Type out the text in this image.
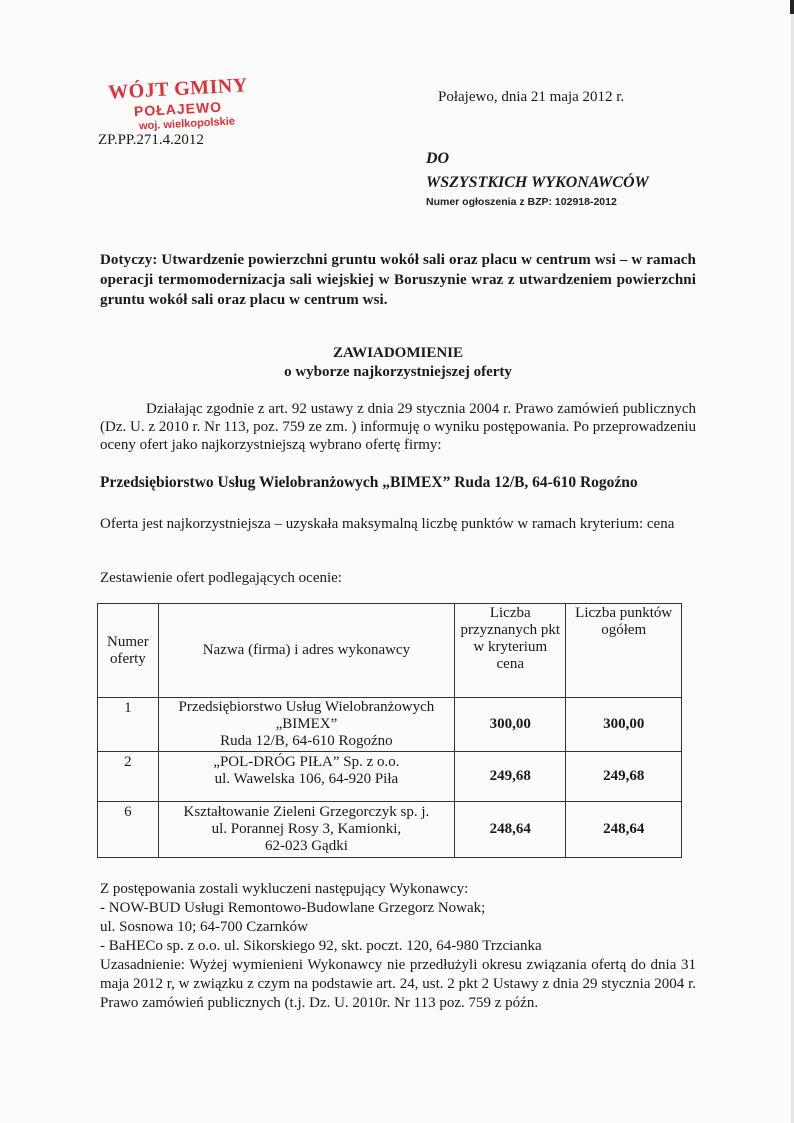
WÓJT GMINY
POŁAJEWO
woj. wielkopolskie
ZP.PP.271.4.2012
Połajewo, dnia 21 maja 2012 r.
DO
WSZYSTKICH WYKONAWCÓW
Numer ogłoszenia z BZP: 102918-2012
Dotyczy: Utwardzenie powierzchni gruntu wokół sali oraz placu w centrum wsi – w ramach operacji termomodernizacja sali wiejskiej w Boruszynie wraz z utwardzeniem powierzchni gruntu wokół sali oraz placu w centrum wsi.
ZAWIADOMIENIE
o wyborze najkorzystniejszej oferty
Działając zgodnie z art. 92 ustawy z dnia 29 stycznia 2004 r. Prawo zamówień publicznych (Dz. U. z 2010 r. Nr 113, poz. 759 ze zm. ) informuję o wyniku postępowania. Po przeprowadzeniu oceny ofert jako najkorzystniejszą wybrano ofertę firmy:
Przedsiębiorstwo Usług Wielobranżowych „BIMEX” Ruda 12/B, 64-610 Rogoźno
Oferta jest najkorzystniejsza – uzyskała maksymalną liczbę punktów w ramach kryterium: cena
Zestawienie ofert podlegających ocenie:
Numer oferty	Nazwa (firma) i adres wykonawcy	Liczba przyznanych pkt w kryterium cena	Liczba punktów ogółem
1	Przedsiębiorstwo Usług Wielobranżowych
„BIMEX”
Ruda 12/B, 64-610 Rogoźno	300,00	300,00
2	„POL-DRÓG PIŁA” Sp. z o.o.
ul. Wawelska 106, 64-920 Piła	249,68	249,68
6	Kształtowanie Zieleni Grzegorczyk sp. j.
ul. Porannej Rosy 3, Kamionki,
62-023 Gądki	248,64	248,64
Z postępowania zostali wykluczeni następujący Wykonawcy:
- NOW-BUD Usługi Remontowo-Budowlane Grzegorz Nowak;
ul. Sosnowa 10; 64-700 Czarnków
- BaHECo sp. z o.o. ul. Sikorskiego 92, skt. poczt. 120, 64-980 Trzcianka
Uzasadnienie: Wyżej wymienieni Wykonawcy nie przedłużyli okresu związania ofertą do dnia 31 maja 2012 r, w związku z czym na podstawie art. 24, ust. 2 pkt 2 Ustawy z dnia 29 stycznia 2004 r. Prawo zamówień publicznych (t.j. Dz. U. 2010r. Nr 113 poz. 759 z późn.
